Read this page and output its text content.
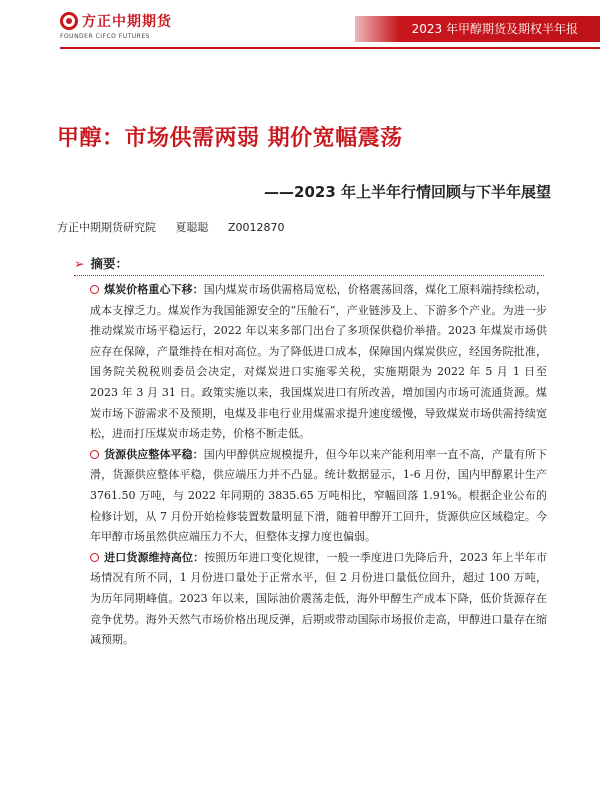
方正中期期货
FOUNDER CIFCO FUTURES
2023 年甲醇期货及期权半年报
甲醇：市场供需两弱 期价宽幅震荡
——2023 年上半年行情回顾与下半年展望
方正中期期货研究院 夏聪聪 Z0012870
➢ 摘要：

煤炭价格重心下移：国内煤炭市场供需格局宽松，价格震荡回落，煤化工原料端持续松动，成本支撑乏力。煤炭作为我国能源安全的“压舱石”，产业链涉及上、下游多个产业。为进一步推动煤炭市场平稳运行，2022 年以来多部门出台了多项保供稳价举措。2023 年煤炭市场供应存在保障，产量维持在相对高位。为了降低进口成本，保障国内煤炭供应，经国务院批准，国务院关税税则委员会决定，对煤炭进口实施零关税，实施期限为 2022 年 5 月 1 日至 2023 年 3 月 31 日。政策实施以来，我国煤炭进口有所改善，增加国内市场可流通货源。煤炭市场下游需求不及预期，电煤及非电行业用煤需求提升速度缓慢，导致煤炭市场供需持续宽松，进而打压煤炭市场走势，价格不断走低。

货源供应整体平稳：国内甲醇供应规模提升，但今年以来产能利用率一直不高，产量有所下滑，货源供应整体平稳，供应端压力并不凸显。统计数据显示，1-6 月份，国内甲醇累计生产 3761.50 万吨，与 2022 年同期的 3835.65 万吨相比，窄幅回落 1.91%。根据企业公布的检修计划，从 7 月份开始检修装置数量明显下滑，随着甲醇开工回升，货源供应区域稳定。今年甲醇市场虽然供应端压力不大，但整体支撑力度也偏弱。

进口货源维持高位：按照历年进口变化规律，一般一季度进口先降后升，2023 年上半年市场情况有所不同，1 月份进口量处于正常水平，但 2 月份进口量低位回升，超过 100 万吨，为历年同期峰值。2023 年以来，国际油价震荡走低，海外甲醇生产成本下降，低价货源存在竞争优势。海外天然气市场价格出现反弹，后期或带动国际市场报价走高，甲醇进口量存在缩减预期。
